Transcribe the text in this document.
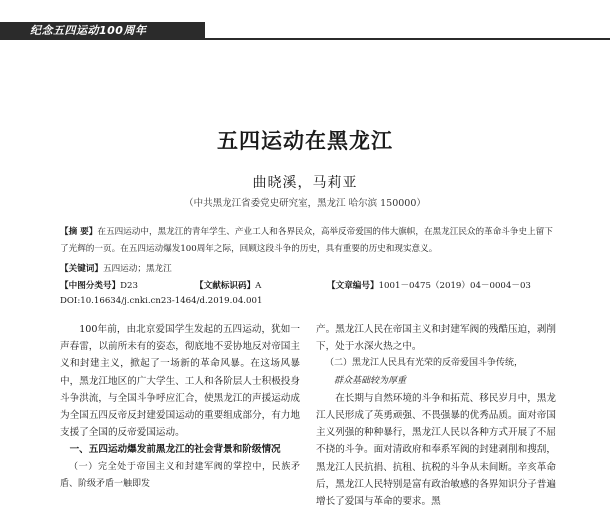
纪念五四运动100周年
五四运动在黑龙江
曲晓溪，马莉亚
（中共黑龙江省委党史研究室，黑龙江 哈尔滨 150000）
【摘 要】在五四运动中，黑龙江的青年学生、产业工人和各界民众，高举反帝爱国的伟大旗帜，在黑龙江民众的革命斗争史上留下了光辉的一页。在五四运动爆发100周年之际，回顾这段斗争的历史，具有重要的历史和现实意义。
【关键词】五四运动；黑龙江
【中图分类号】D23	【文献标识码】A	【文章编号】1001－0475（2019）04－0004－03
DOI:10.16634/j.cnki.cn23-1464/d.2019.04.001

100年前，由北京爱国学生发起的五四运动，犹如一声春雷，以前所未有的姿态，彻底地不妥协地反对帝国主义和封建主义，掀起了一场新的革命风暴。在这场风暴中，黑龙江地区的广大学生、工人和各阶层人士积极投身斗争洪流，与全国斗争呼应汇合，使黑龙江的声援运动成为全国五四反帝反封建爱国运动的重要组成部分，有力地支援了全国的反帝爱国运动。

一、五四运动爆发前黑龙江的社会背景和阶级情况

（一）完全处于帝国主义和封建军阀的掌控中，民族矛盾、阶级矛盾一触即发

产。黑龙江人民在帝国主义和封建军阀的残酷压迫，剥削下，处于水深火热之中。

（二）黑龙江人民具有光荣的反帝爱国斗争传统，

群众基础较为厚重

在长期与自然环境的斗争和拓荒、移民岁月中，黑龙江人民形成了英勇顽强、不畏强暴的优秀品质。面对帝国主义列强的种种暴行，黑龙江人民以各种方式开展了不屈不挠的斗争。面对清政府和奉系军阀的封建剥削和搜刮，黑龙江人民抗捐、抗租、抗税的斗争从未间断。辛亥革命后，黑龙江人民特别是富有政治敏感的各界知识分子普遍增长了爱国与革命的要求。黑
